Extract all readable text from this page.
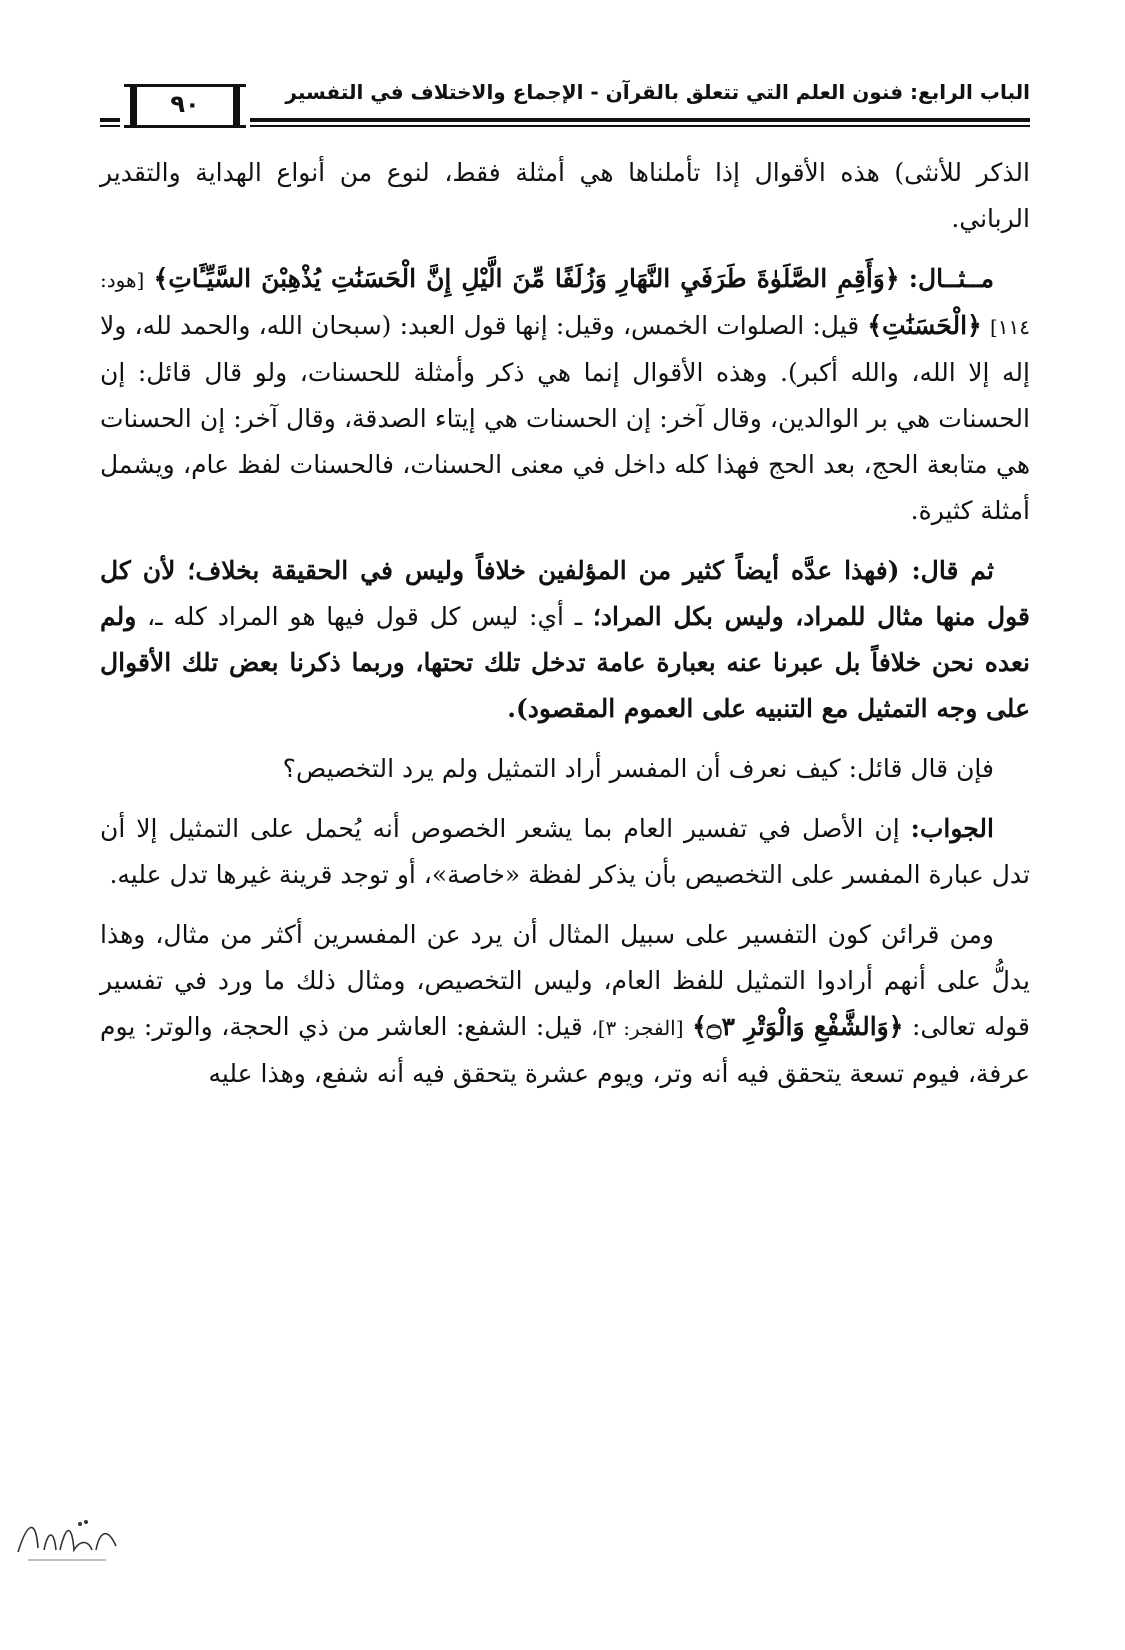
الباب الرابع: فنون العلم التي تتعلق بالقرآن - الإجماع والاختلاف في التفسير
٩٠

الذكر للأنثى) هذه الأقوال إذا تأملناها هي أمثلة فقط، لنوع من أنواع الهداية والتقدير الرباني.

مــثــال: ﴿وَأَقِمِ الصَّلَوٰةَ طَرَفَيِ النَّهَارِ وَزُلَفًا مِّنَ الَّيْلِ إِنَّ الْحَسَنَٰتِ يُذْهِبْنَ السَّيِّـَٔاتِ﴾ [هود: ١١٤] ﴿الْحَسَنَٰتِ﴾ قيل: الصلوات الخمس، وقيل: إنها قول العبد: (سبحان الله، والحمد لله، ولا إله إلا الله، والله أكبر). وهذه الأقوال إنما هي ذكر وأمثلة للحسنات، ولو قال قائل: إن الحسنات هي بر الوالدين، وقال آخر: إن الحسنات هي إيتاء الصدقة، وقال آخر: إن الحسنات هي متابعة الحج، بعد الحج فهذا كله داخل في معنى الحسنات، فالحسنات لفظ عام، ويشمل أمثلة كثيرة.

ثم قال: (فهذا عدَّه أيضاً كثير من المؤلفين خلافاً وليس في الحقيقة بخلاف؛ لأن كل قول منها مثال للمراد، وليس بكل المراد؛ ـ أي: ليس كل قول فيها هو المراد كله ـ، ولم نعده نحن خلافاً بل عبرنا عنه بعبارة عامة تدخل تلك تحتها، وربما ذكرنا بعض تلك الأقوال على وجه التمثيل مع التنبيه على العموم المقصود).

فإن قال قائل: كيف نعرف أن المفسر أراد التمثيل ولم يرد التخصيص؟

الجواب: إن الأصل في تفسير العام بما يشعر الخصوص أنه يُحمل على التمثيل إلا أن تدل عبارة المفسر على التخصيص بأن يذكر لفظة «خاصة»، أو توجد قرينة غيرها تدل عليه.

ومن قرائن كون التفسير على سبيل المثال أن يرد عن المفسرين أكثر من مثال، وهذا يدلُّ على أنهم أرادوا التمثيل للفظ العام، وليس التخصيص، ومثال ذلك ما ورد في تفسير قوله تعالى: ﴿وَالشَّفْعِ وَالْوَتْرِ ۝٣﴾ [الفجر: ٣]، قيل: الشفع: العاشر من ذي الحجة، والوتر: يوم عرفة، فيوم تسعة يتحقق فيه أنه وتر، ويوم عشرة يتحقق فيه أنه شفع، وهذا عليه
